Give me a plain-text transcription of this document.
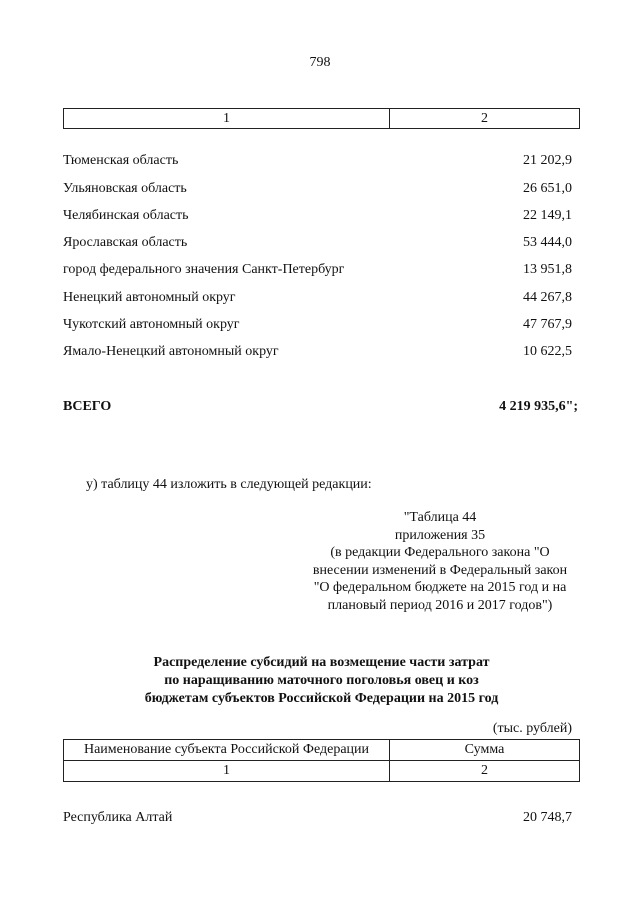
798
1	2
Тюменская область	21 202,9
Ульяновская область	26 651,0
Челябинская область	22 149,1
Ярославская область	53 444,0
город федерального значения Санкт-Петербург	13 951,8
Ненецкий автономный округ	44 267,8
Чукотский автономный округ	47 767,9
Ямало-Ненецкий автономный округ	10 622,5
ВСЕГО	4 219 935,6";
у) таблицу 44 изложить в следующей редакции:
"Таблица 44
приложения 35
(в редакции Федерального закона "О
внесении изменений в Федеральный закон
"О федеральном бюджете на 2015 год и на
плановый период 2016 и 2017 годов")
Распределение субсидий на возмещение части затрат
по наращиванию маточного поголовья овец и коз
бюджетам субъектов Российской Федерации на 2015 год
(тыс. рублей)
Наименование субъекта Российской Федерации	Сумма
1	2
Республика Алтай	20 748,7
